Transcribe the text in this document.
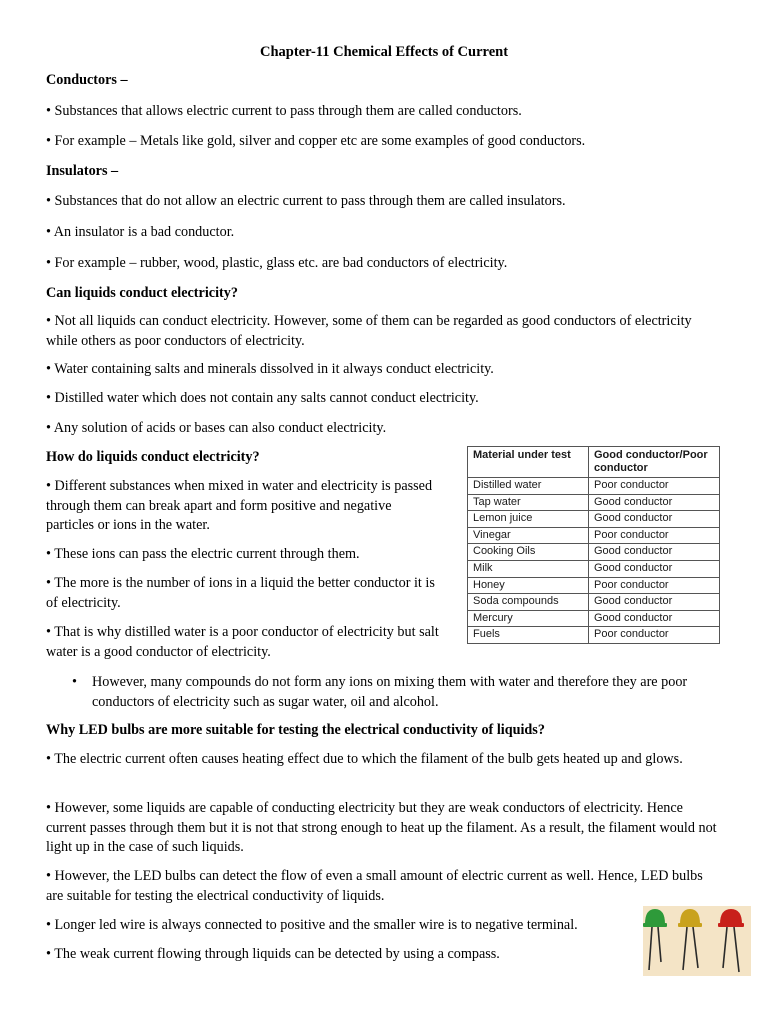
Chapter-11 Chemical Effects of Current

Conductors –

• Substances that allows electric current to pass through them are called conductors.

• For example – Metals like gold, silver and copper etc are some examples of good conductors.

Insulators –

• Substances that do not allow an electric current to pass through them are called insulators.

• An insulator is a bad conductor.

• For example – rubber, wood, plastic, glass etc. are bad conductors of electricity.

Can liquids conduct electricity?

• Not all liquids can conduct electricity. However, some of them can be regarded as good conductors of electricity while others as poor conductors of electricity.

• Water containing salts and minerals dissolved in it always conduct electricity.

• Distilled water which does not contain any salts cannot conduct electricity.

• Any solution of acids or bases can also conduct electricity.

How do liquids conduct electricity?

• Different substances when mixed in water and electricity is passed through them can break apart and form positive and negative particles or ions in the water.

• These ions can pass the electric current through them.

• The more is the number of ions in a liquid the better conductor it is of electricity.

• That is why distilled water is a poor conductor of electricity but salt water is a good conductor of electricity.

• However, many compounds do not form any ions on mixing them with water and therefore they are poor conductors of electricity such as sugar water, oil and alcohol.
Material under test	Good conductor/Poor conductor
Distilled water	Poor conductor
Tap water	Good conductor
Lemon juice	Good conductor
Vinegar	Poor conductor
Cooking Oils	Good conductor
Milk	Good conductor
Honey	Poor conductor
Soda compounds	Good conductor
Mercury	Good conductor
Fuels	Poor conductor

Why LED bulbs are more suitable for testing the electrical conductivity of liquids?

• The electric current often causes heating effect due to which the filament of the bulb gets heated up and glows.

• However, some liquids are capable of conducting electricity but they are weak conductors of electricity. Hence current passes through them but it is not that strong enough to heat up the filament. As a result, the filament would not light up in the case of such liquids.

• However, the LED bulbs can detect the flow of even a small amount of electric current as well. Hence, LED bulbs are suitable for testing the electrical conductivity of liquids.

• Longer led wire is always connected to positive and the smaller wire is to negative terminal.

• The weak current flowing through liquids can be detected by using a compass.
